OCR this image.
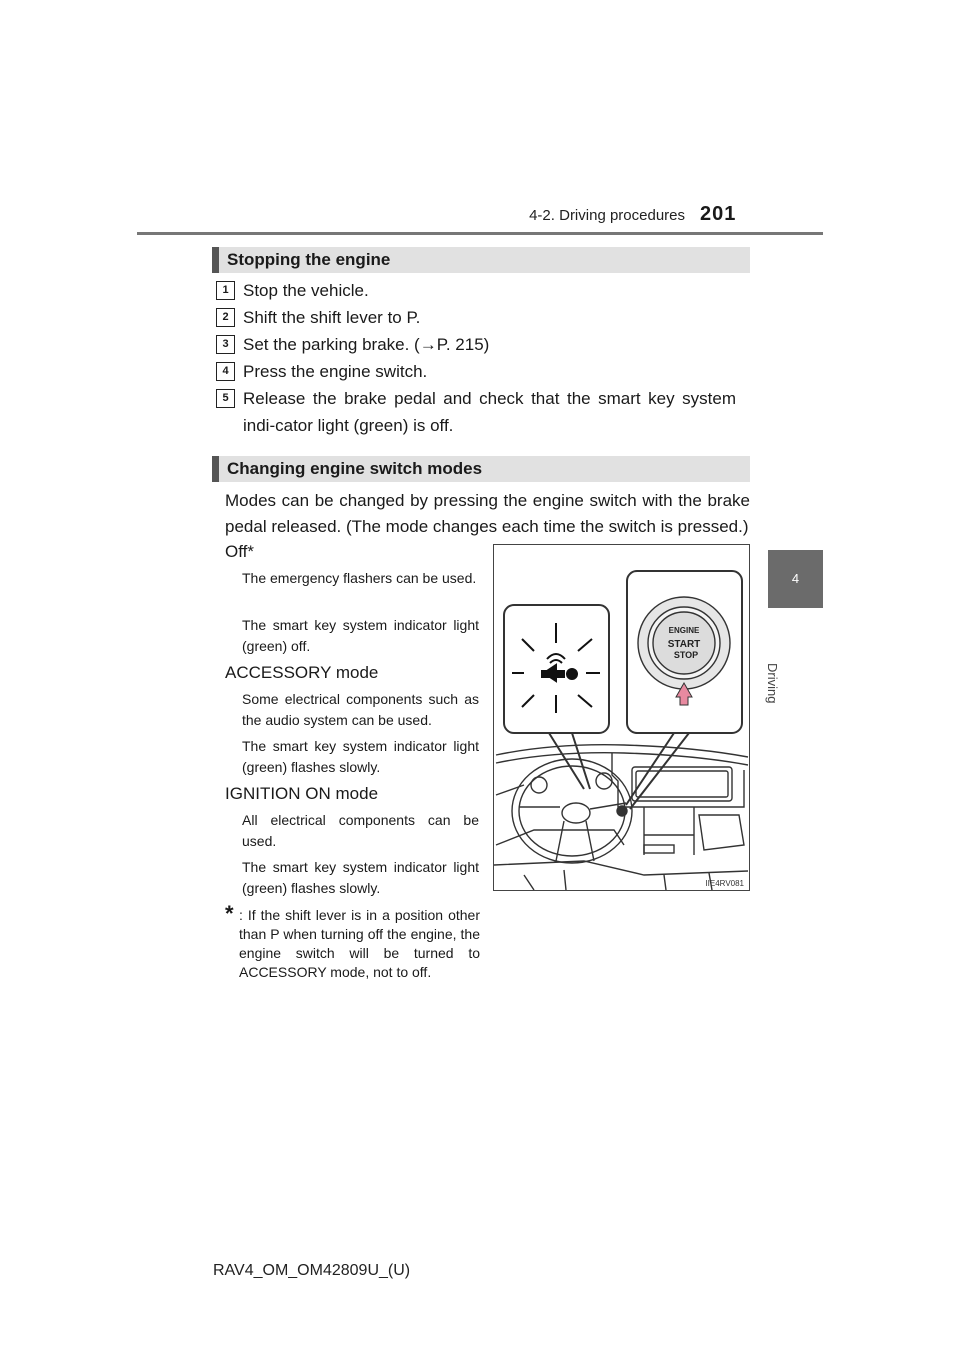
4-2. Driving procedures 201
4
Driving
Stopping the engine
1 Stop the vehicle.
2 Shift the shift lever to P.
3 Set the parking brake. (→P. 215)
4 Press the engine switch.
5 Release the brake pedal and check that the smart key system indi-cator light (green) is off.
Changing engine switch modes
Modes can be changed by pressing the engine switch with the brake pedal released. (The mode changes each time the switch is pressed.)
Off*
The emergency flashers can be used.
The smart key system indicator light (green) off.
ACCESSORY mode
Some electrical components such as the audio system can be used.
The smart key system indicator light (green) flashes slowly.
IGNITION ON mode
All electrical components can be used.
The smart key system indicator light (green) flashes slowly.
* : If the shift lever is in a position other than P when turning off the engine, the engine switch will be turned to ACCESSORY mode, not to off.
ENGINE
START
STOP
IIE4RV081
RAV4_OM_OM42809U_(U)
